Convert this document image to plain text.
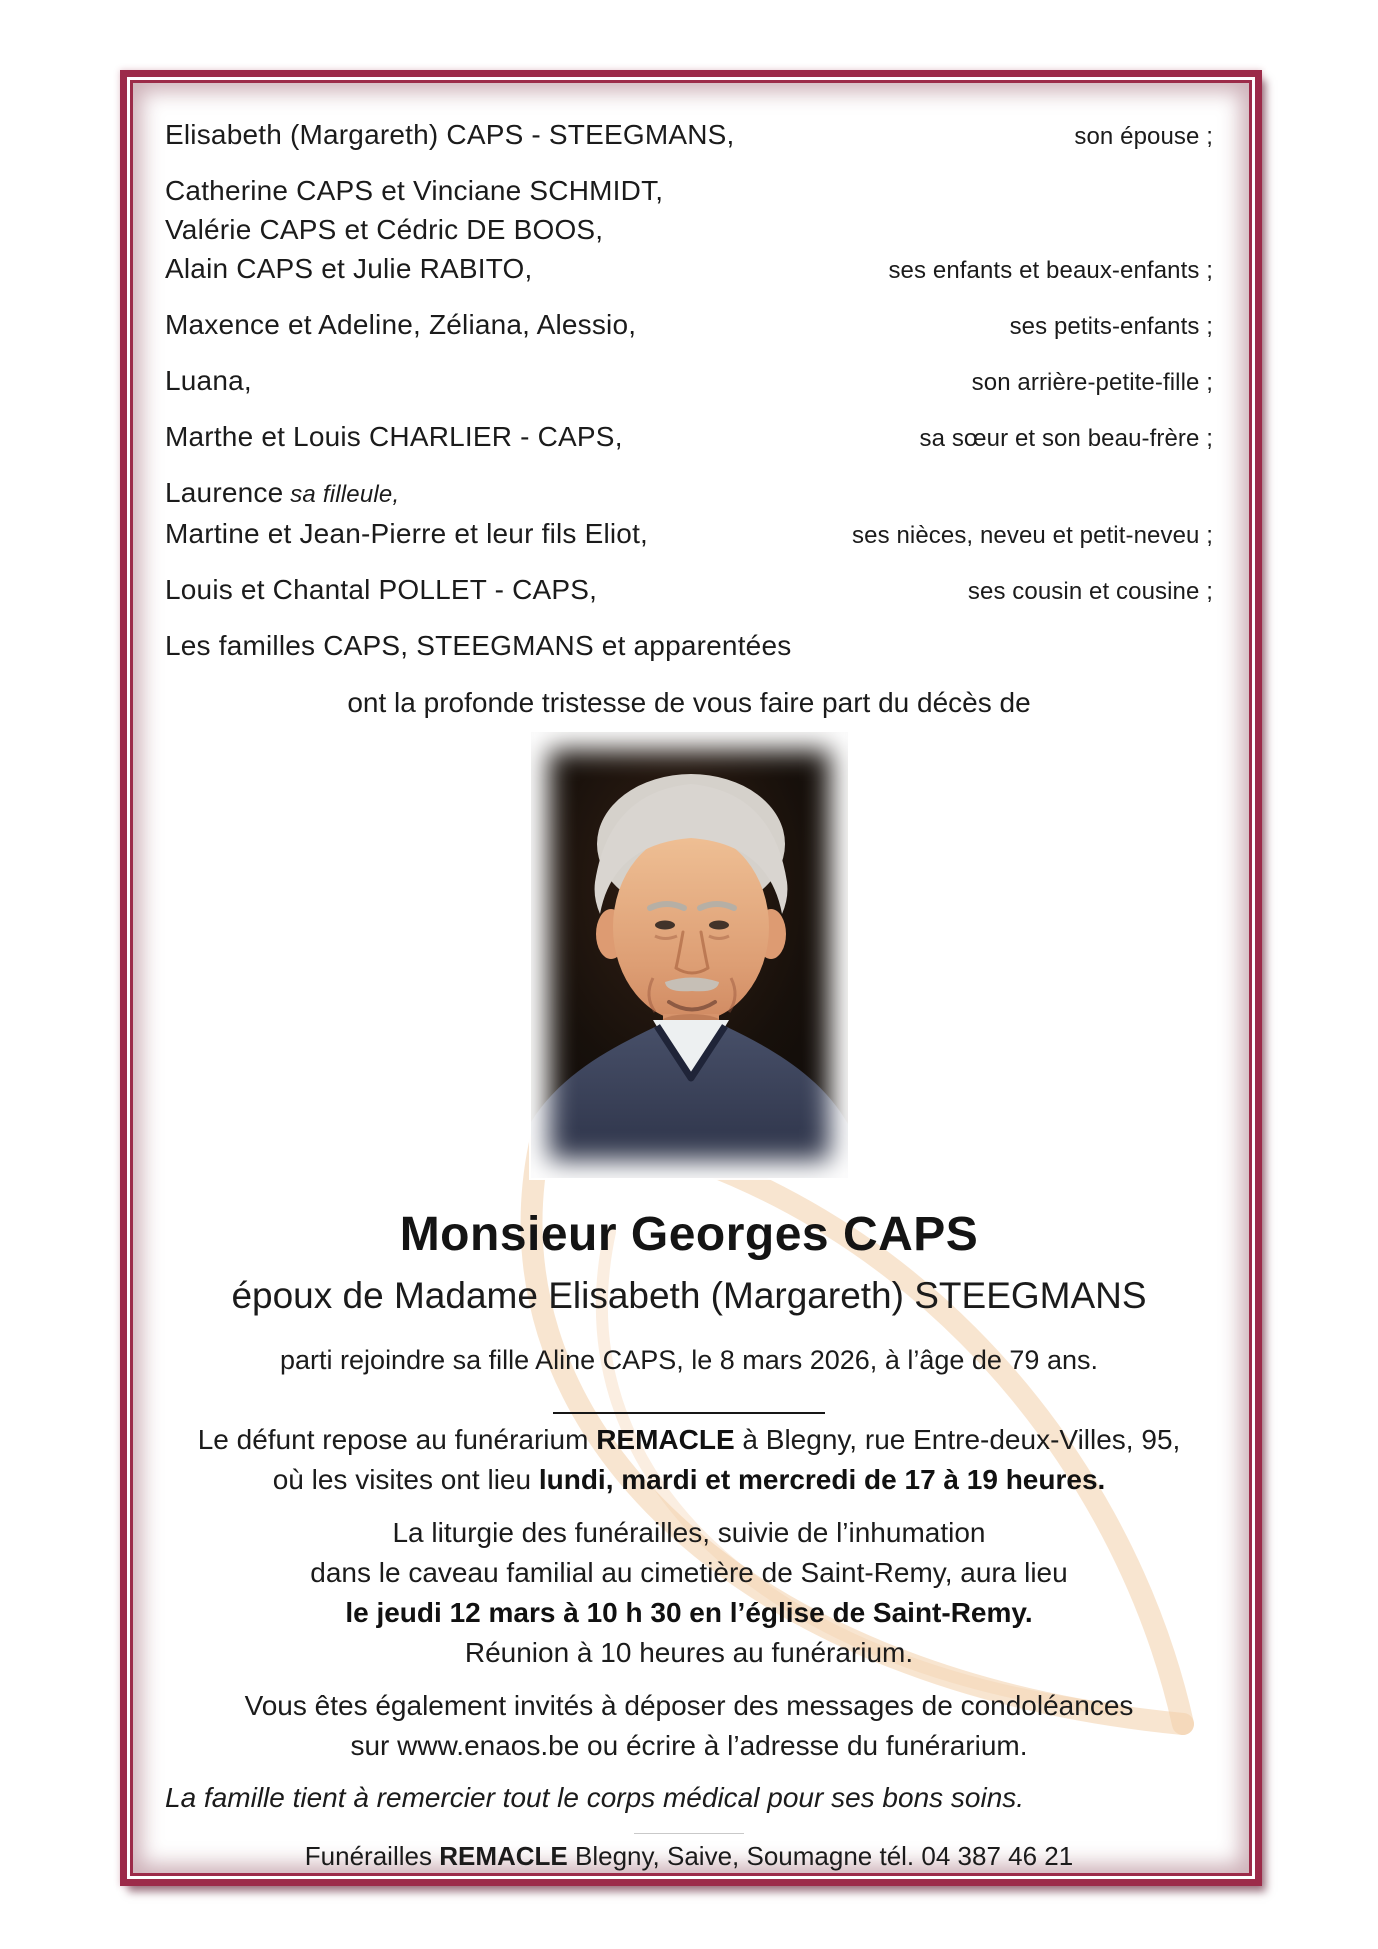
Elisabeth (Margareth) CAPS - STEEGMANS,	son épouse ;
Catherine CAPS et Vinciane SCHMIDT,
Valérie CAPS et Cédric DE BOOS,
Alain CAPS et Julie RABITO,	ses enfants et beaux-enfants ;
Maxence et Adeline, Zéliana, Alessio,	ses petits-enfants ;
Luana,	son arrière-petite-fille ;
Marthe et Louis CHARLIER - CAPS,	sa sœur et son beau-frère ;
Laurence sa filleule,
Martine et Jean-Pierre et leur fils Eliot,	ses nièces, neveu et petit-neveu ;
Louis et Chantal POLLET - CAPS,	ses cousin et cousine ;
Les familles CAPS, STEEGMANS et apparentées
ont la profonde tristesse de vous faire part du décès de
Monsieur Georges CAPS
époux de Madame Elisabeth (Margareth) STEEGMANS
parti rejoindre sa fille Aline CAPS, le 8 mars 2026, à l’âge de 79 ans.
Le défunt repose au funérarium REMACLE à Blegny, rue Entre-deux-Villes, 95,
où les visites ont lieu lundi, mardi et mercredi de 17 à 19 heures.
La liturgie des funérailles, suivie de l’inhumation
dans le caveau familial au cimetière de Saint-Remy, aura lieu
le jeudi 12 mars à 10 h 30 en l’église de Saint-Remy.
Réunion à 10 heures au funérarium.
Vous êtes également invités à déposer des messages de condoléances
sur www.enaos.be ou écrire à l’adresse du funérarium.
La famille tient à remercier tout le corps médical pour ses bons soins.
Funérailles REMACLE Blegny, Saive, Soumagne tél. 04 387 46 21
